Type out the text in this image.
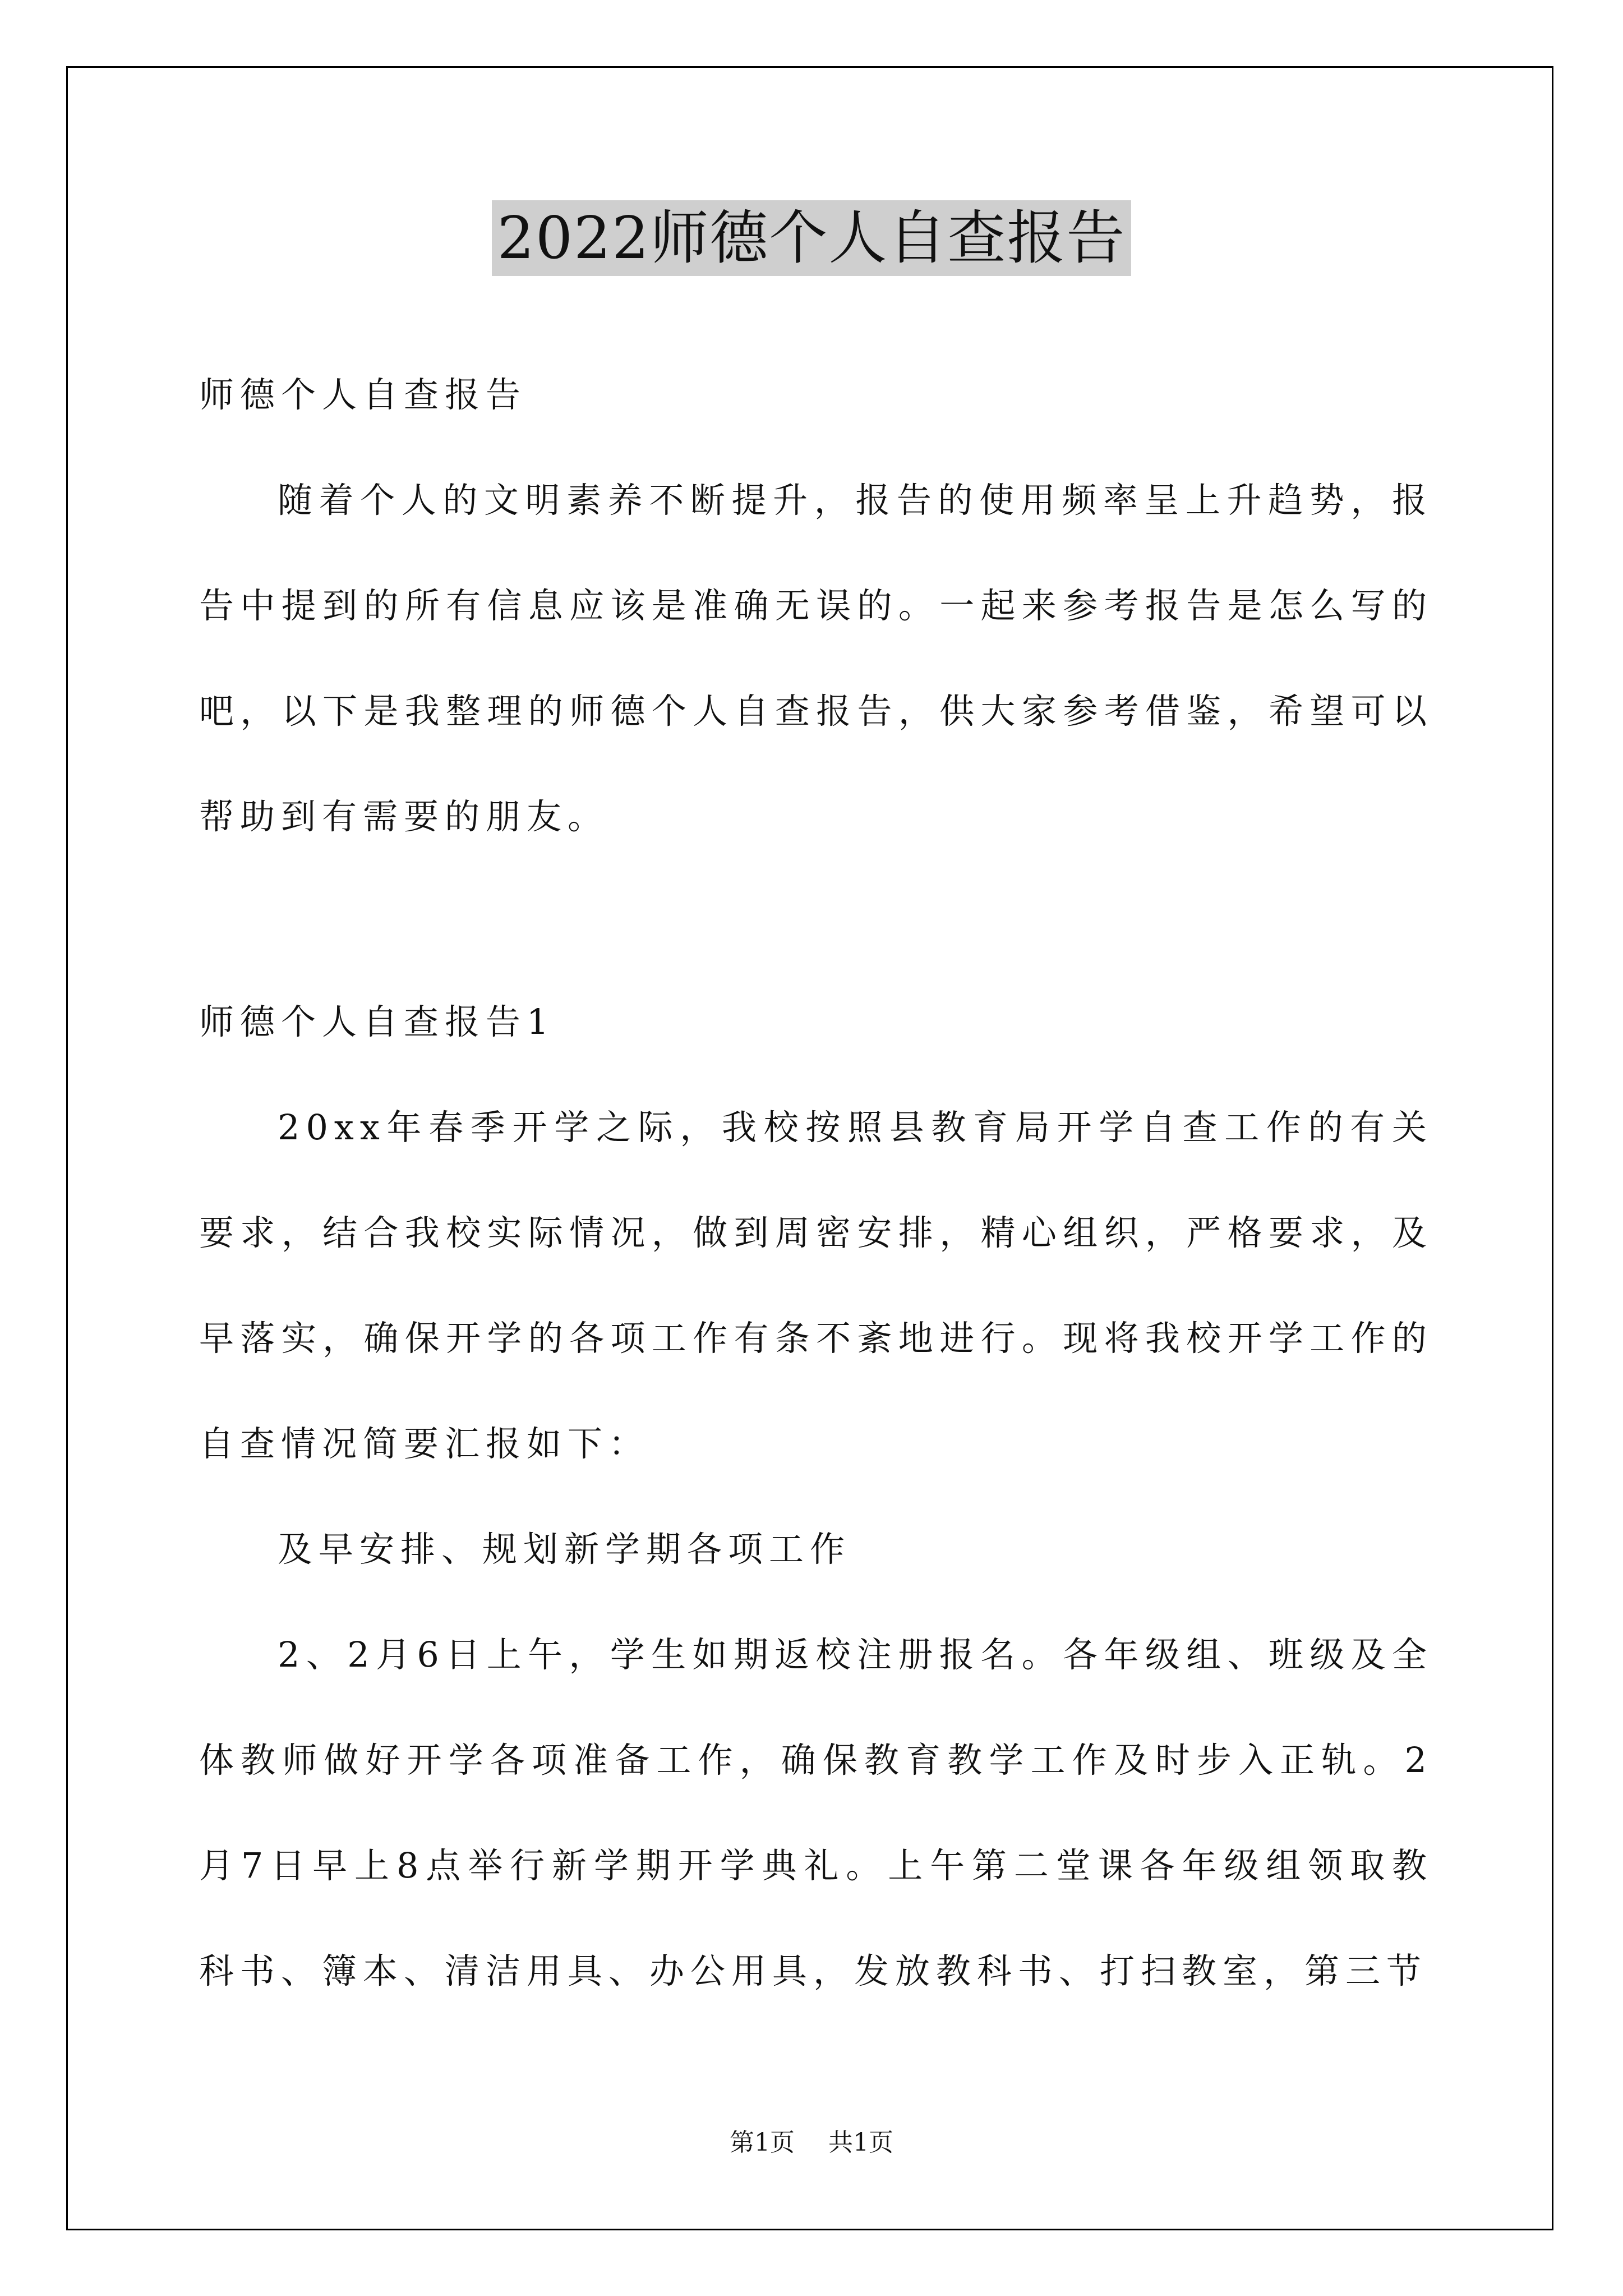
2022师德个人自查报告

师德个人自查报告

随着个人的文明素养不断提升，报告的使用频率呈上升趋势，报告中提到的所有信息应该是准确无误的。一起来参考报告是怎么写的吧，以下是我整理的师德个人自查报告，供大家参考借鉴，希望可以帮助到有需要的朋友。

师德个人自查报告1

20xx年春季开学之际，我校按照县教育局开学自查工作的有关要求，结合我校实际情况，做到周密安排，精心组织，严格要求，及早落实，确保开学的各项工作有条不紊地进行。现将我校开学工作的自查情况简要汇报如下：

及早安排、规划新学期各项工作

2、2月6日上午，学生如期返校注册报名。各年级组、班级及全体教师做好开学各项准备工作，确保教育教学工作及时步入正轨。2月7日早上8点举行新学期开学典礼。上午第二堂课各年级组领取教科书、簿本、清洁用具、办公用具，发放教科书、打扫教室，第三节

第1页 共1页
